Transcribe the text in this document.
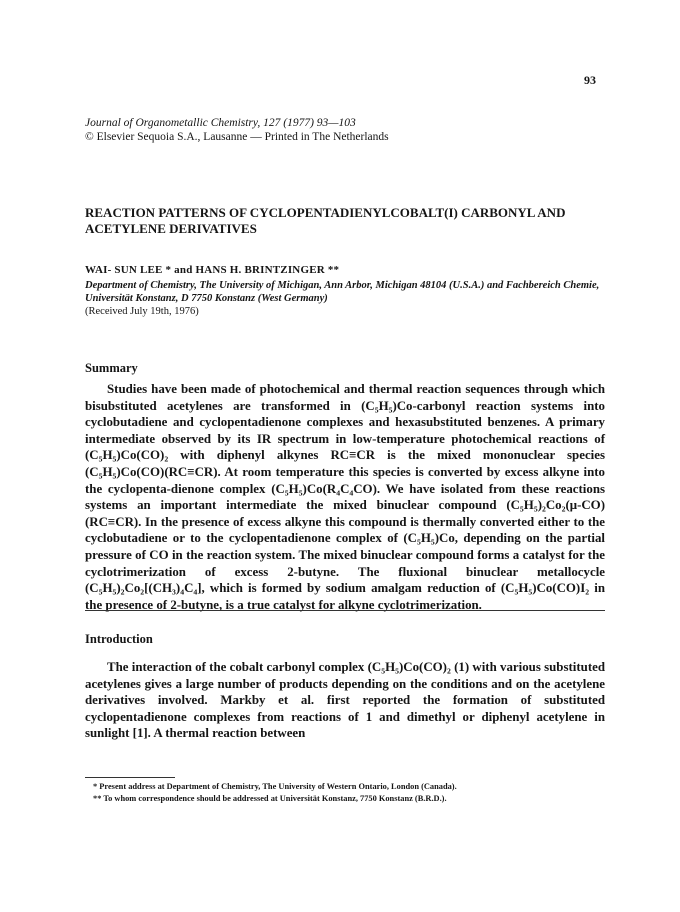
93
Journal of Organometallic Chemistry, 127 (1977) 93—103
© Elsevier Sequoia S.A., Lausanne — Printed in The Netherlands
REACTION PATTERNS OF CYCLOPENTADIENYLCOBALT(I) CARBONYL AND ACETYLENE DERIVATIVES
WAI- SUN LEE * and HANS H. BRINTZINGER **
Department of Chemistry, The University of Michigan, Ann Arbor, Michigan 48104 (U.S.A.) and Fachbereich Chemie, Universität Konstanz, D 7750 Konstanz (West Germany)
(Received July 19th, 1976)
Summary

Studies have been made of photochemical and thermal reaction sequences through which bisubstituted acetylenes are transformed in (C₅H₅)Co-carbonyl reaction systems into cyclobutadiene and cyclopentadienone complexes and hexasubstituted benzenes. A primary intermediate observed by its IR spectrum in low-temperature photochemical reactions of (C₅H₅)Co(CO)₂ with diphenyl alkynes RC≡CR is the mixed mononuclear species (C₅H₅)Co(CO)(RC≡CR). At room temperature this species is converted by excess alkyne into the cyclopenta-dienone complex (C₅H₅)Co(R₄C₄CO). We have isolated from these reactions systems an important intermediate the mixed binuclear compound (C₅H₅)₂Co₂(μ-CO)(RC≡CR). In the presence of excess alkyne this compound is thermally converted either to the cyclobutadiene or to the cyclopentadienone complex of (C₅H₅)Co, depending on the partial pressure of CO in the reaction system. The mixed binuclear compound forms a catalyst for the cyclotrimerization of excess 2-butyne. The fluxional binuclear metallocycle (C₅H₅)₂Co₂[(CH₃)₄C₄], which is formed by sodium amalgam reduction of (C₅H₅)Co(CO)I₂ in the presence of 2-butyne, is a true catalyst for alkyne cyclotrimerization.

Introduction

The interaction of the cobalt carbonyl complex (C₅H₅)Co(CO)₂ (1) with various substituted acetylenes gives a large number of products depending on the conditions and on the acetylene derivatives involved. Markby et al. first reported the formation of substituted cyclopentadienone complexes from reactions of 1 and dimethyl or diphenyl acetylene in sunlight [1]. A thermal reaction between

* Present address at Department of Chemistry, The University of Western Ontario, London (Canada).
** To whom correspondence should be addressed at Universität Konstanz, 7750 Konstanz (B.R.D.).
